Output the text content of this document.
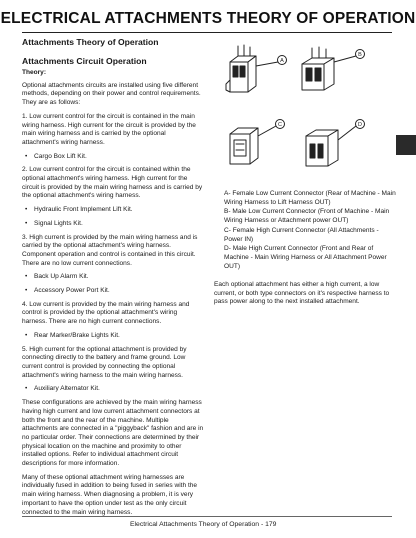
ELECTRICAL ATTACHMENTS THEORY OF OPERATION
Attachments Theory of Operation
Attachments Circuit Operation

Theory:

Optional attachments circuits are installed using five different methods, depending on their power and control requirements. They are as follows:

1. Low current control for the circuit is contained in the main wiring harness. High current for the circuit is provided by the main wiring harness and is carried by the optional attachment's wiring harness.

• Cargo Box Lift Kit.

2. Low current control for the circuit is contained within the optional attachment's wiring harness. High current for the circuit is provided by the main wiring harness and is carried by the optional attachment's wiring harness.

• Hydraulic Front Implement Lift Kit.

• Signal Lights Kit.

3. High current is provided by the main wiring harness and is carried by the optional attachment's wiring harness. Component operation and control is contained in this circuit. There are no low current connections.

• Back Up Alarm Kit.

• Accessory Power Port Kit.

4. Low current is provided by the main wiring harness and control is provided by the optional attachment's wiring harness. There are no high current connections.

• Rear Marker/Brake Lights Kit.

5. High current for the optional attachment is provided by connecting directly to the battery and frame ground. Low current control is provided by connecting the optional attachment's wiring harness to the main wiring harness.

• Auxiliary Alternator Kit.

These configurations are achieved by the main wiring harness having high current and low current attachment connectors at both the front and the rear of the machine. Multiple attachments are connected in a "piggyback" fashion and are in no particular order. Their connections are determined by their physical location on the machine and proximity to other installed options. Refer to individual attachment circuit descriptions for more information.

Many of these optional attachment wiring harnesses are individually fused in addition to being fused in series with the main wiring harness. When diagnosing a problem, it is very important to have the option under test as the only circuit connected to the main wiring harness.

A
B
C	D

A- Female Low Current Connector (Rear of Machine - Main Wiring Harness to Lift Harness OUT)

B- Male Low Current Connector (Front of Machine - Main Wiring Harness or Attachment power OUT)

C- Female High Current Connector (All Attachments - Power IN)

D- Male High Current Connector (Front and Rear of Machine - Main Wiring Harness or All Attachment Power OUT)

Each optional attachment has either a high current, a low current, or both type connectors on it's respective harness to pass power along to the next installed attachment.

Electrical Attachments Theory of Operation - 179
